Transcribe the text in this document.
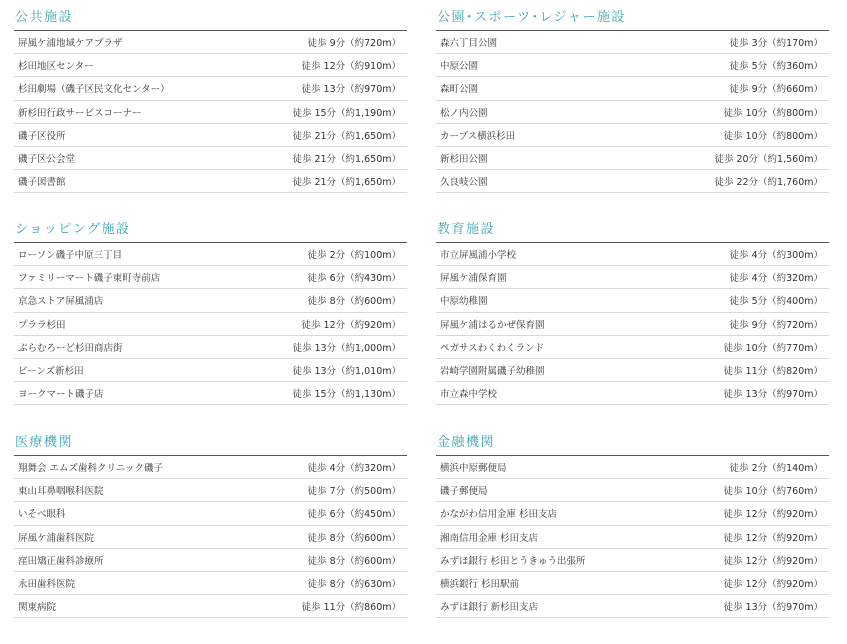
公共施設
屏風ケ浦地域ケアプラザ	徒歩 9分（約720m）
杉田地区センター	徒歩 12分（約910m）
杉田劇場（磯子区民文化センター）	徒歩 13分（約970m）
新杉田行政サービスコーナー	徒歩 15分（約1,190m）
磯子区役所	徒歩 21分（約1,650m）
磯子区公会堂	徒歩 21分（約1,650m）
磯子図書館	徒歩 21分（約1,650m）
公園･スポーツ･レジャー施設
森六丁目公園	徒歩 3分（約170m）
中原公園	徒歩 5分（約360m）
森町公園	徒歩 9分（約660m）
松ノ内公園	徒歩 10分（約800m）
カーブス横浜杉田	徒歩 10分（約800m）
新杉田公園	徒歩 20分（約1,560m）
久良岐公園	徒歩 22分（約1,760m）
ショッピング施設
ローソン磯子中原三丁目	徒歩 2分（約100m）
ファミリーマート磯子東町寺前店	徒歩 6分（約430m）
京急ストア屏風浦店	徒歩 8分（約600m）
プララ杉田	徒歩 12分（約920m）
ぷらむろーど杉田商店街	徒歩 13分（約1,000m）
ビーンズ新杉田	徒歩 13分（約1,010m）
ヨークマート磯子店	徒歩 15分（約1,130m）
教育施設
市立屏風浦小学校	徒歩 4分（約300m）
屏風ケ浦保育園	徒歩 4分（約320m）
中原幼稚園	徒歩 5分（約400m）
屏風ケ浦はるかぜ保育園	徒歩 9分（約720m）
ペガサスわくわくランド	徒歩 10分（約770m）
岩崎学園附属磯子幼稚園	徒歩 11分（約820m）
市立森中学校	徒歩 13分（約970m）
医療機関
翔舞会 エムズ歯科クリニック磯子	徒歩 4分（約320m）
東山耳鼻咽喉科医院	徒歩 7分（約500m）
いそべ眼科	徒歩 6分（約450m）
屏風ケ浦歯科医院	徒歩 8分（約600m）
窪田矯正歯科診療所	徒歩 8分（約600m）
永田歯科医院	徒歩 8分（約630m）
関東病院	徒歩 11分（約860m）
金融機関
横浜中原郵便局	徒歩 2分（約140m）
磯子郵便局	徒歩 10分（約760m）
かながわ信用金庫 杉田支店	徒歩 12分（約920m）
湘南信用金庫 杉田支店	徒歩 12分（約920m）
みずほ銀行 杉田とうきゅう出張所	徒歩 12分（約920m）
横浜銀行 杉田駅前	徒歩 12分（約920m）
みずほ銀行 新杉田支店	徒歩 13分（約970m）
